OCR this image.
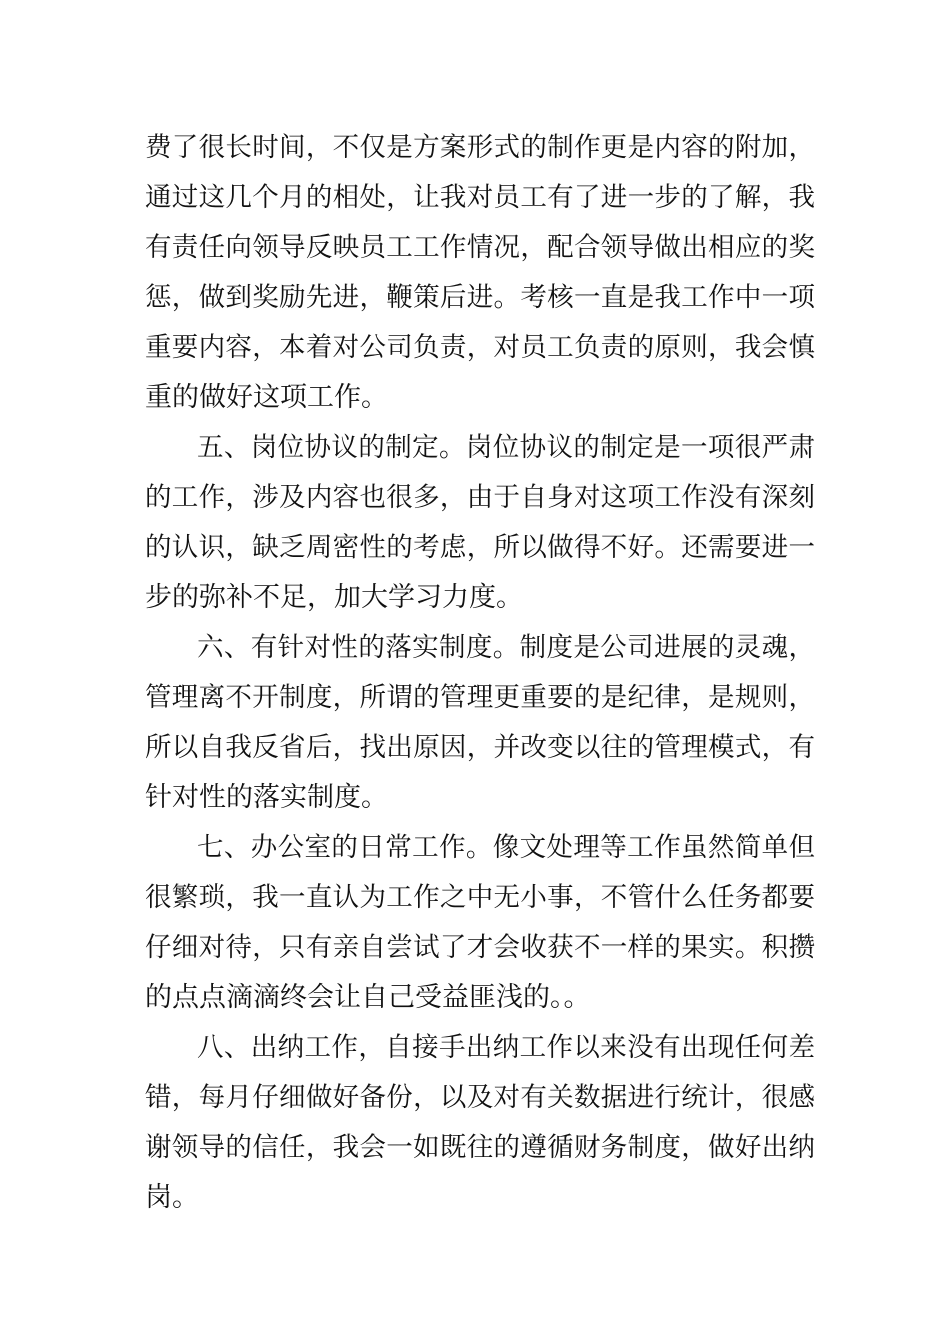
费了很长时间，不仅是方案形式的制作更是内容的附加，
通过这几个月的相处，让我对员工有了进一步的了解，我
有责任向领导反映员工工作情况，配合领导做出相应的奖
惩，做到奖励先进，鞭策后进。考核一直是我工作中一项
重要内容，本着对公司负责，对员工负责的原则，我会慎
重的做好这项工作。
五、岗位协议的制定。岗位协议的制定是一项很严肃
的工作，涉及内容也很多，由于自身对这项工作没有深刻
的认识，缺乏周密性的考虑，所以做得不好。还需要进一
步的弥补不足，加大学习力度。
六、有针对性的落实制度。制度是公司进展的灵魂，
管理离不开制度，所谓的管理更重要的是纪律，是规则，
所以自我反省后，找出原因，并改变以往的管理模式，有
针对性的落实制度。
七、办公室的日常工作。像文处理等工作虽然简单但
很繁琐，我一直认为工作之中无小事，不管什么任务都要
仔细对待，只有亲自尝试了才会收获不一样的果实。积攒
的点点滴滴终会让自己受益匪浅的。。
八、出纳工作，自接手出纳工作以来没有出现任何差
错，每月仔细做好备份，以及对有关数据进行统计，很感
谢领导的信任，我会一如既往的遵循财务制度，做好出纳
岗。
